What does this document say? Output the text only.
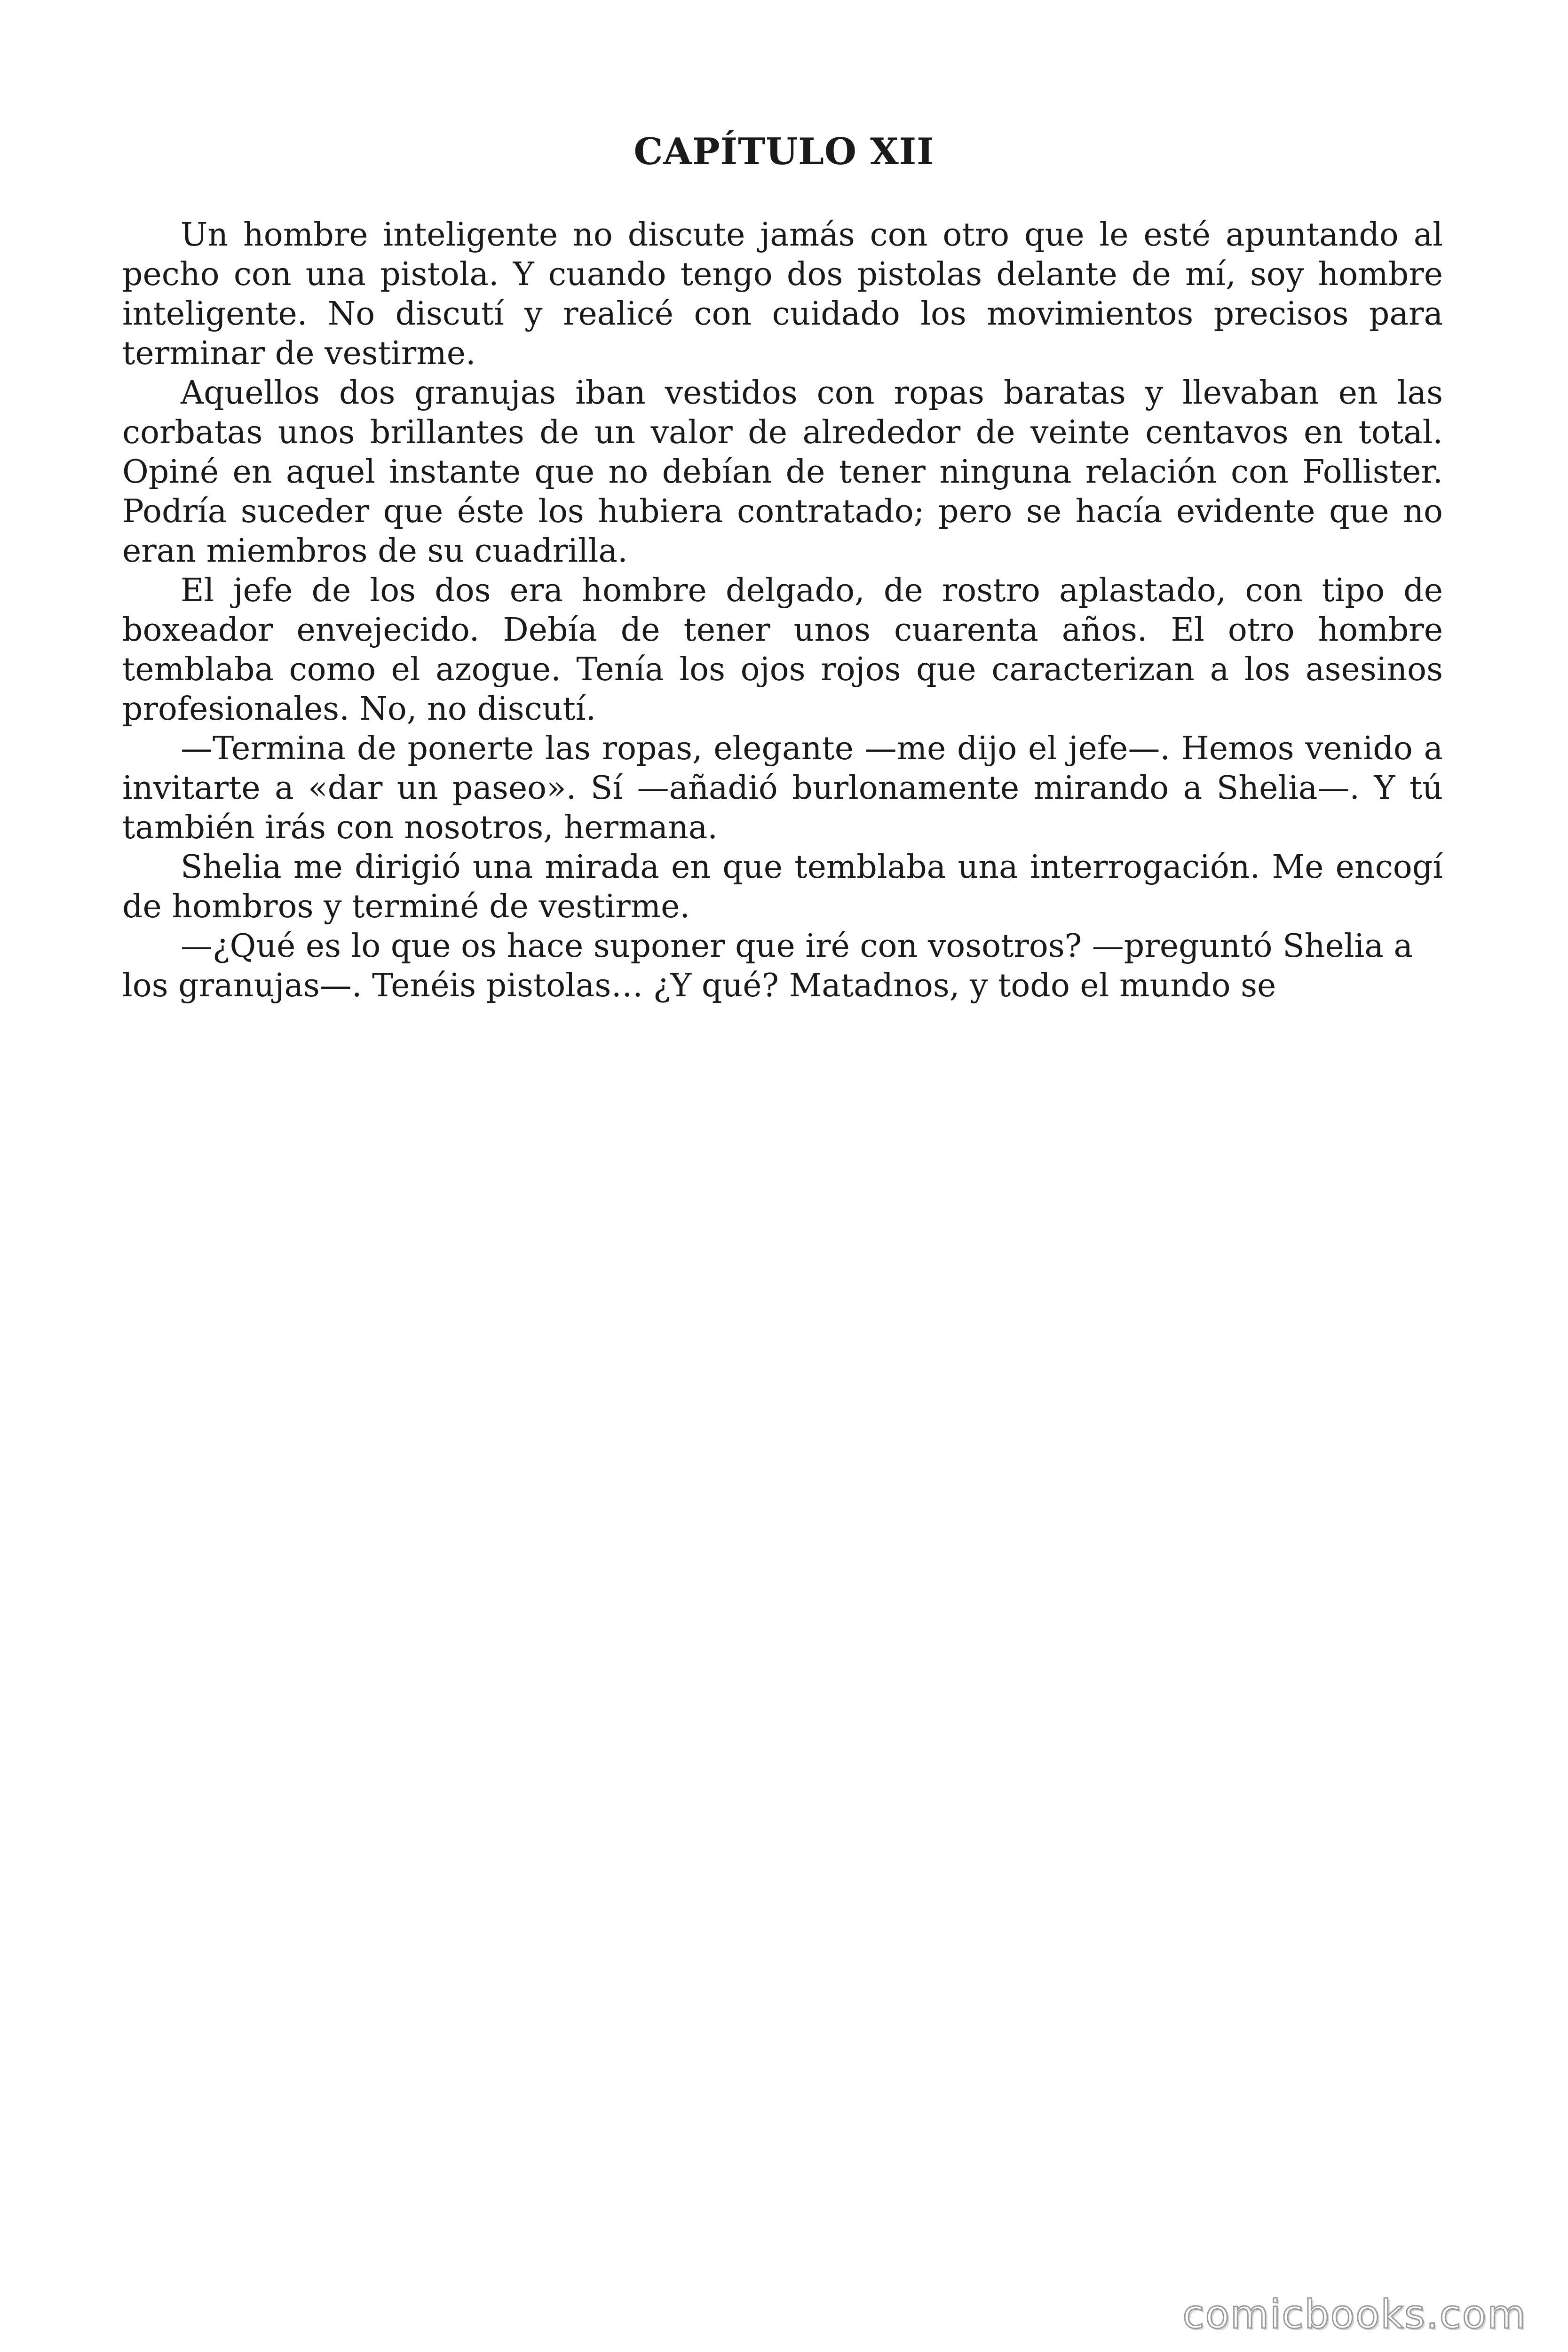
CAPÍTULO XII

Un hombre inteligente no discute jamás con otro que le esté apuntando al pecho con una pistola. Y cuando tengo dos pistolas delante de mí, soy hombre inteligente. No discutí y realicé con cuidado los movimientos precisos para terminar de vestirme.

Aquellos dos granujas iban vestidos con ropas baratas y llevaban en las corbatas unos brillantes de un valor de alrededor de veinte centavos en total. Opiné en aquel instante que no debían de tener ninguna relación con Follister. Podría suceder que éste los hubiera contratado; pero se hacía evidente que no eran miembros de su cuadrilla.

El jefe de los dos era hombre delgado, de rostro aplastado, con tipo de boxeador envejecido. Debía de tener unos cuarenta años. El otro hombre temblaba como el azogue. Tenía los ojos rojos que caracterizan a los asesinos profesionales. No, no discutí.

—Termina de ponerte las ropas, elegante —me dijo el jefe—. Hemos venido a invitarte a «dar un paseo». Sí —añadió burlonamente mirando a Shelia—. Y tú también irás con nosotros, hermana.

Shelia me dirigió una mirada en que temblaba una interrogación. Me encogí de hombros y terminé de vestirme.

—¿Qué es lo que os hace suponer que iré con vosotros? —preguntó Shelia a los granujas—. Tenéis pistolas… ¿Y qué? Matadnos, y todo el mundo se

comicbooks.com
